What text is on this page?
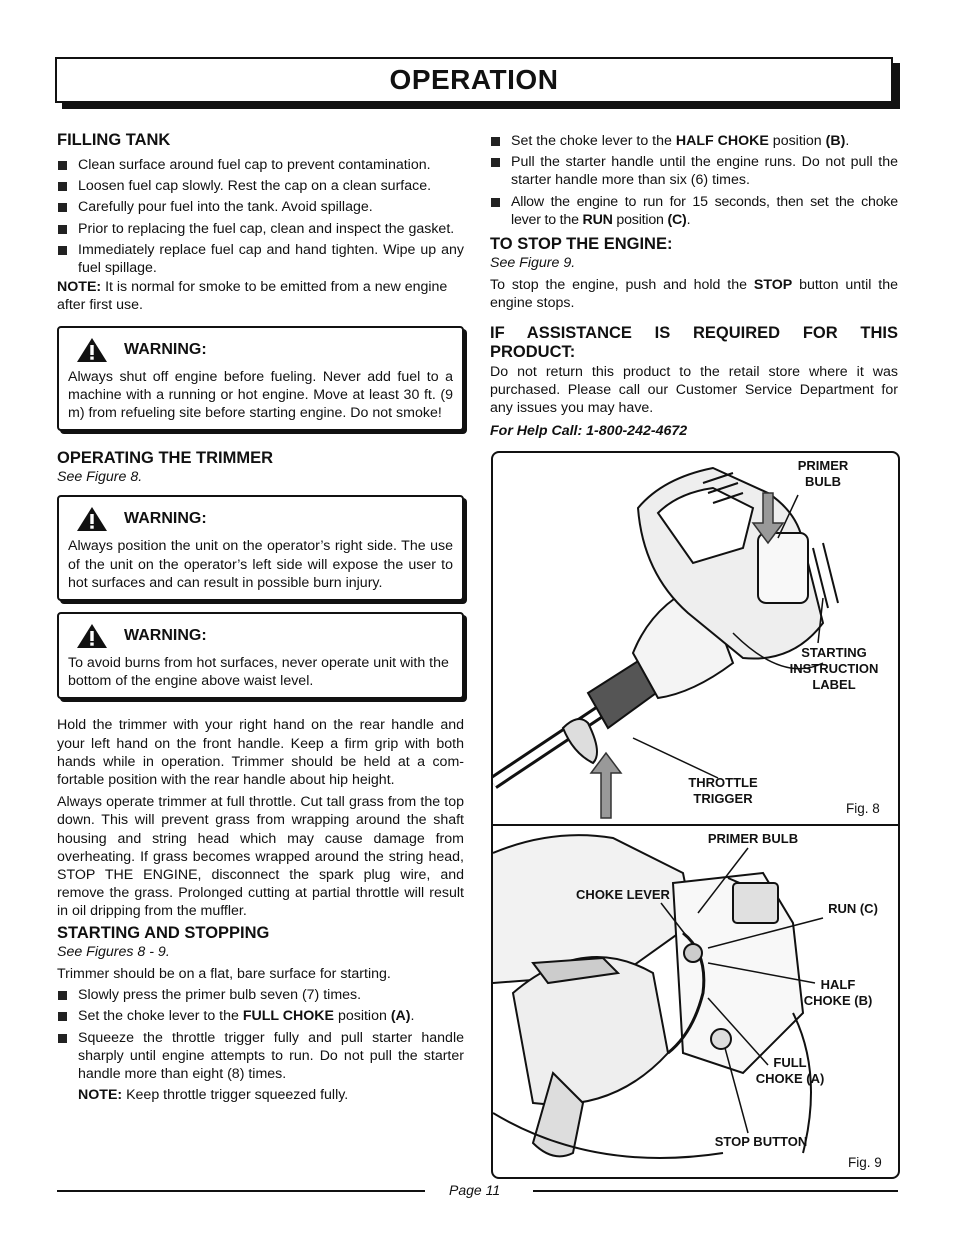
OPERATION
FILLING TANK
Clean surface around fuel cap to prevent contamination.
Loosen fuel cap slowly. Rest the cap on a clean surface.
Carefully pour fuel into the tank. Avoid spillage.
Prior to replacing the fuel cap, clean and inspect the gasket.
Immediately replace fuel cap and hand tighten. Wipe up any fuel spillage.

NOTE: It is normal for smoke to be emitted from a new engine after first use.

WARNING:

Always shut off engine before fueling. Never add fuel to a machine with a running or hot engine. Move at least 30 ft. (9 m) from refueling site before starting engine. Do not smoke!

OPERATING THE TRIMMER

See Figure 8.

WARNING:

Always position the unit on the operator’s right side. The use of the unit on the operator’s left side will expose the user to hot surfaces and can result in possible burn injury.

WARNING:

To avoid burns from hot surfaces, never operate unit with the bottom of the engine above waist level.

Hold the trimmer with your right hand on the rear handle and your left hand on the front handle. Keep a firm grip with both hands while in operation. Trimmer should be held at a com-fortable position with the rear handle about hip height.

Always operate trimmer at full throttle. Cut tall grass from the top down. This will prevent grass from wrapping around the shaft housing and string head which may cause damage from overheating. If grass becomes wrapped around the string head, STOP THE ENGINE, disconnect the spark plug wire, and remove the grass. Prolonged cutting at partial throttle will result in oil dripping from the muffler.

STARTING AND STOPPING

See Figures 8 - 9.

Trimmer should be on a flat, bare surface for starting.

Slowly press the primer bulb seven (7) times.
Set the choke lever to the FULL CHOKE position (A).
Squeeze the throttle trigger fully and pull starter handle sharply until engine attempts to run. Do not pull the starter handle more than eight (8) times.

NOTE: Keep throttle trigger squeezed fully.

Set the choke lever to the HALF CHOKE position (B).
Pull the starter handle until the engine runs. Do not pull the starter handle more than six (6) times.
Allow the engine to run for 15 seconds, then set the choke lever to the RUN position (C).
TO STOP THE ENGINE:

See Figure 9.

To stop the engine, push and hold the STOP button until the engine stops.

IF ASSISTANCE IS REQUIRED FOR THIS PRODUCT:

Do not return this product to the retail store where it was purchased. Please call our Customer Service Department for any issues you may have.

For Help Call: 1-800-242-4672

PRIMER BULB
STARTING INSTRUCTION LABEL
THROTTLE TRIGGER
Fig. 8
PRIMER BULB
CHOKE LEVER
RUN (C)
HALF CHOKE (B)
FULL CHOKE (A)
STOP BUTTON
Fig. 9
Page 11
